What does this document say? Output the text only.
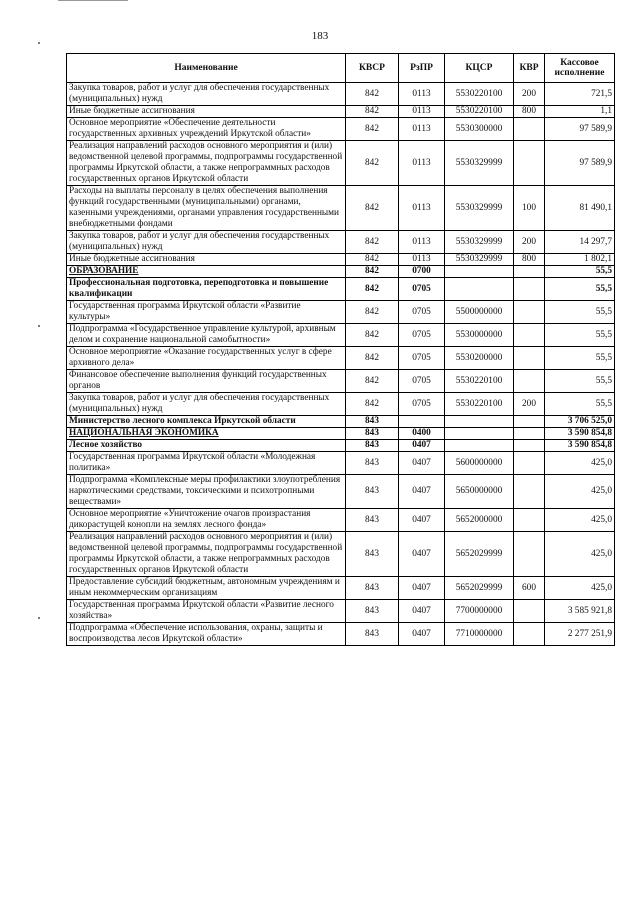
183
Наименование	КВСР	РзПР	КЦСР	КВР	Кассовое исполнение
Закупка товаров, работ и услуг для обеспечения государственных (муниципальных) нужд	842	0113	5530220100	200	721,5
Иные бюджетные ассигнования	842	0113	5530220100	800	1,1
Основное мероприятие «Обеспечение деятельности государственных архивных учреждений Иркутской области»	842	0113	5530300000		97 589,9
Реализация направлений расходов основного мероприятия и (или) ведомственной целевой программы, подпрограммы государственной программы Иркутской области, а также непрограммных расходов государственных органов Иркутской области	842	0113	5530329999		97 589,9
Расходы на выплаты персоналу в целях обеспечения выполнения функций государственными (муниципальными) органами, казенными учреждениями, органами управления государственными внебюджетными фондами	842	0113	5530329999	100	81 490,1
Закупка товаров, работ и услуг для обеспечения государственных (муниципальных) нужд	842	0113	5530329999	200	14 297,7
Иные бюджетные ассигнования	842	0113	5530329999	800	1 802,1
ОБРАЗОВАНИЕ	842	0700			55,5
Профессиональная подготовка, переподготовка и повышение квалификации	842	0705			55,5
Государственная программа Иркутской области «Развитие культуры»	842	0705	5500000000		55,5
Подпрограмма «Государственное управление культурой, архивным делом и сохранение национальной самобытности»	842	0705	5530000000		55,5
Основное мероприятие «Оказание государственных услуг в сфере архивного дела»	842	0705	5530200000		55,5
Финансовое обеспечение выполнения функций государственных органов	842	0705	5530220100		55,5
Закупка товаров, работ и услуг для обеспечения государственных (муниципальных) нужд	842	0705	5530220100	200	55,5
Министерство лесного комплекса Иркутской области	843				3 706 525,0
НАЦИОНАЛЬНАЯ ЭКОНОМИКА	843	0400			3 590 854,8
Лесное хозяйство	843	0407			3 590 854,8
Государственная программа Иркутской области «Молодежная политика»	843	0407	5600000000		425,0
Подпрограмма «Комплексные меры профилактики злоупотребления наркотическими средствами, токсическими и психотропными веществами»	843	0407	5650000000		425,0
Основное мероприятие «Уничтожение очагов произрастания дикорастущей конопли на землях лесного фонда»	843	0407	5652000000		425,0
Реализация направлений расходов основного мероприятия и (или) ведомственной целевой программы, подпрограммы государственной программы Иркутской области, а также непрограммных расходов государственных органов Иркутской области	843	0407	5652029999		425,0
Предоставление субсидий бюджетным, автономным учреждениям и иным некоммерческим организациям	843	0407	5652029999	600	425,0
Государственная программа Иркутской области «Развитие лесного хозяйства»	843	0407	7700000000		3 585 921,8
Подпрограмма «Обеспечение использования, охраны, защиты и воспроизводства лесов Иркутской области»	843	0407	7710000000		2 277 251,9
